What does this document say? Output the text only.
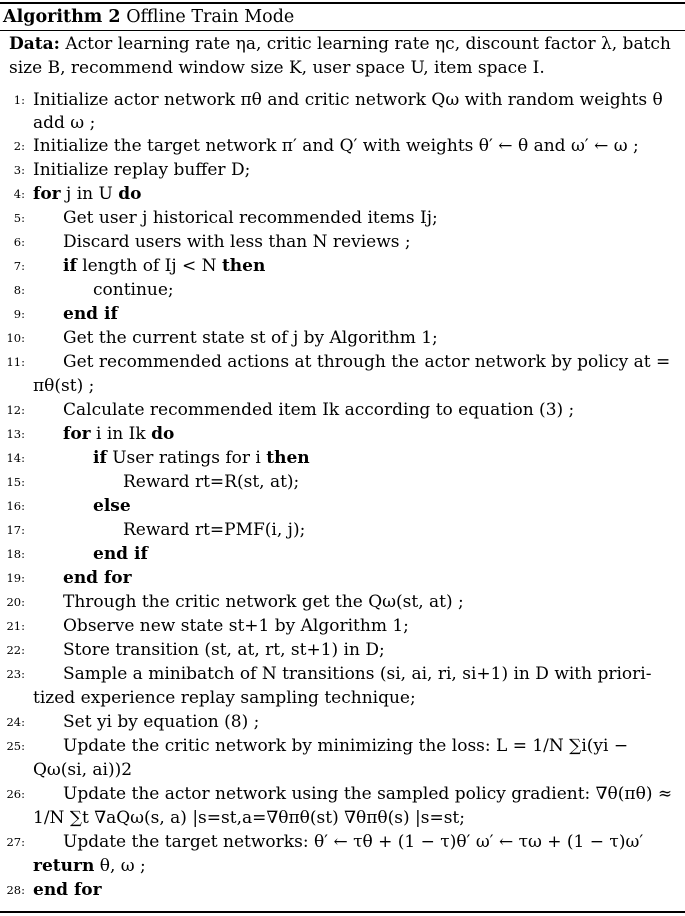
Algorithm 2 Offline Train Mode
Data: Actor learning rate ηa, critic learning rate ηc, discount factor λ, batch
size B, recommend window size K, user space U, item space I.
1: Initialize actor network πθ and critic network Qω with random weights θ
add ω ;
2: Initialize the target network π′ and Q′ with weights θ′ ← θ and ω′ ← ω ;
3: Initialize replay buffer D;
4: for j in U do
5: Get user j historical recommended items Ij;
6: Discard users with less than N reviews ;
7: if length of Ij < N then
8:	continue;
9: end if
10: Get the current state st of j by Algorithm 1;
11: Get recommended actions at through the actor network by policy at =
πθ(st) ;
12: Calculate recommended item Ik according to equation (3) ;
13: for i in Ik do
14:	if User ratings for i then
15:	Reward rt=R(st, at);
16:	else
17:	Reward rt=PMF(i, j);
18:	end if
19: end for
20: Through the critic network get the Qω(st, at) ;
21: Observe new state st+1 by Algorithm 1;
22: Store transition (st, at, rt, st+1) in D;
23: Sample a minibatch of N transitions (si, ai, ri, si+1) in D with priori-
tized experience replay sampling technique;
24: Set yi by equation (8) ;
25: Update the critic network by minimizing the loss: L = 1/N ∑i(yi −
Qω(si, ai))2
26: Update the actor network using the sampled policy gradient: ∇θ(πθ) ≈
1/N ∑t ∇aQω(s, a) |s=st,a=∇θπθ(st) ∇θπθ(s) |s=st;
27: Update the target networks: θ′ ← τθ + (1 − τ)θ′ ω′ ← τω + (1 − τ)ω′
return θ, ω ;
28: end for
